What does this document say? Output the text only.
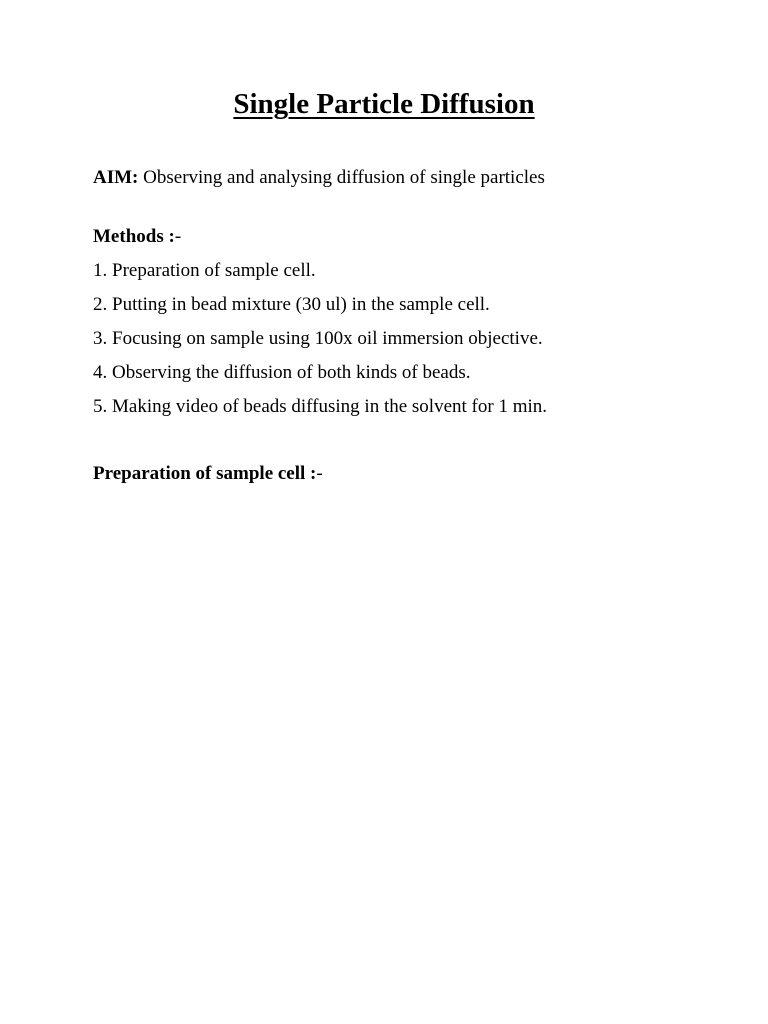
Single Particle Diffusion

AIM: Observing and analysing diffusion of single particles

Methods :-

1. Preparation of sample cell.

2. Putting in bead mixture (30 ul) in the sample cell.

3. Focusing on sample using 100x oil immersion objective.

4. Observing the diffusion of both kinds of beads.

5. Making video of beads diffusing in the solvent for 1 min.

Preparation of sample cell :-
